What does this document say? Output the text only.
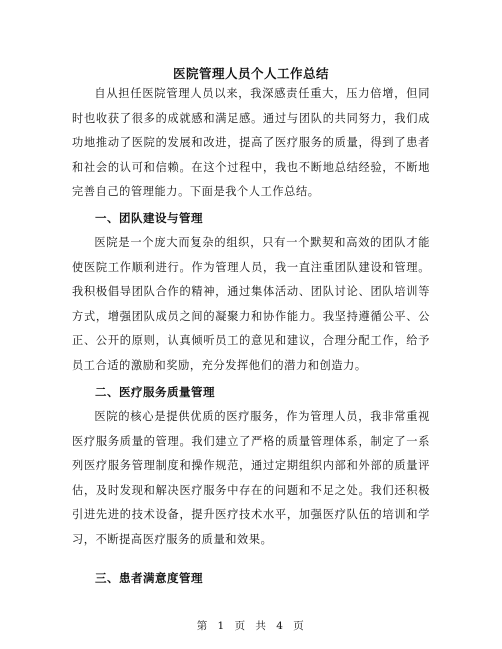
医院管理人员个人工作总结

自从担任医院管理人员以来，我深感责任重大，压力倍增，但同时也收获了很多的成就感和满足感。通过与团队的共同努力，我们成功地推动了医院的发展和改进，提高了医疗服务的质量，得到了患者和社会的认可和信赖。在这个过程中，我也不断地总结经验，不断地完善自己的管理能力。下面是我个人工作总结。

一、团队建设与管理

医院是一个庞大而复杂的组织，只有一个默契和高效的团队才能使医院工作顺利进行。作为管理人员，我一直注重团队建设和管理。我积极倡导团队合作的精神，通过集体活动、团队讨论、团队培训等方式，增强团队成员之间的凝聚力和协作能力。我坚持遵循公平、公正、公开的原则，认真倾听员工的意见和建议，合理分配工作，给予员工合适的激励和奖励，充分发挥他们的潜力和创造力。

二、医疗服务质量管理

医院的核心是提供优质的医疗服务，作为管理人员，我非常重视医疗服务质量的管理。我们建立了严格的质量管理体系，制定了一系列医疗服务管理制度和操作规范，通过定期组织内部和外部的质量评估，及时发现和解决医疗服务中存在的问题和不足之处。我们还积极引进先进的技术设备，提升医疗技术水平，加强医疗队伍的培训和学习，不断提高医疗服务的质量和效果。

三、患者满意度管理

第 1 页 共 4 页
